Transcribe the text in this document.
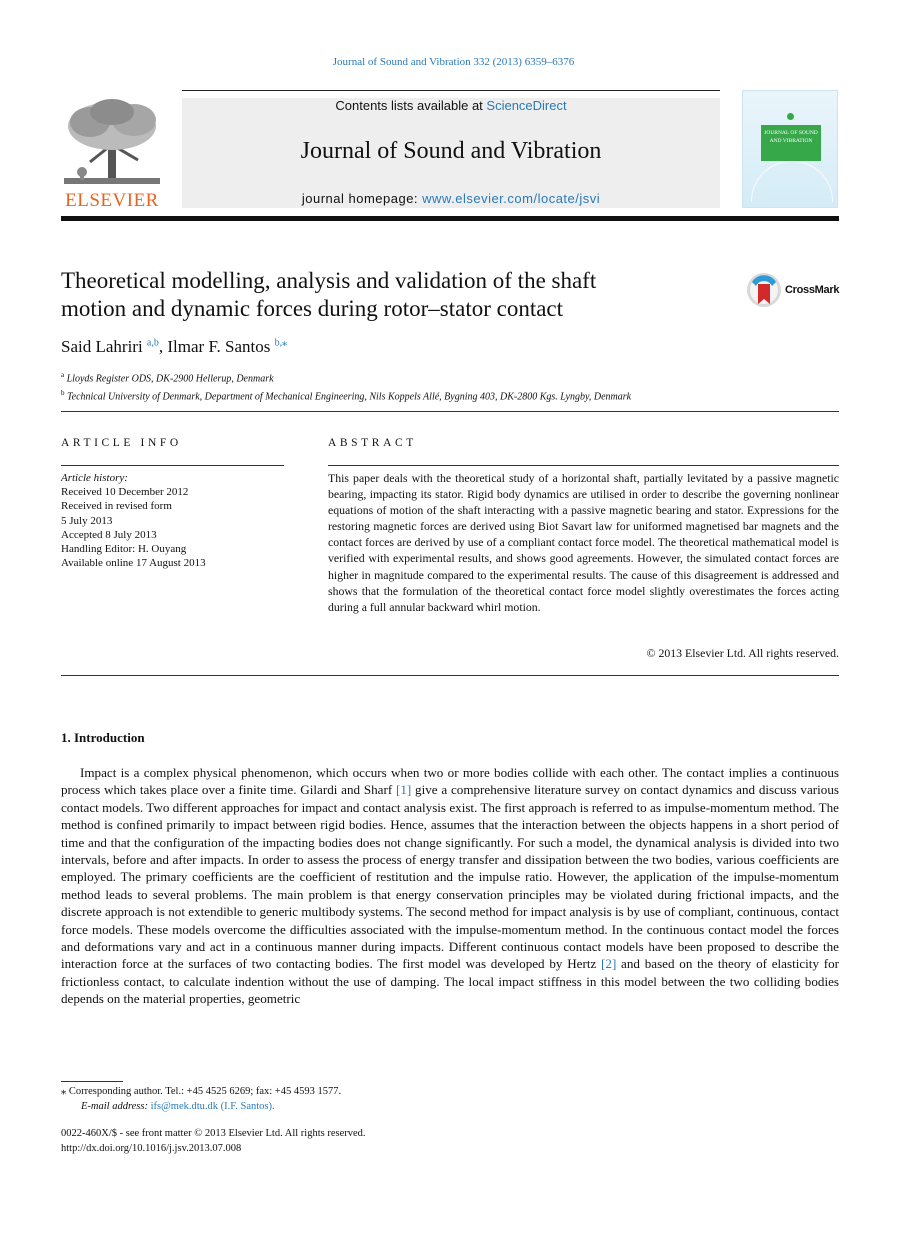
Journal of Sound and Vibration 332 (2013) 6359–6376
ELSEVIER
Contents lists available at ScienceDirect
Journal of Sound and Vibration
journal homepage: www.elsevier.com/locate/jsvi
JOURNAL OF SOUND AND VIBRATION
Theoretical modelling, analysis and validation of the shaft
motion and dynamic forces during rotor–stator contact
CrossMark
Said Lahriri $^{a,b}$, Ilmar F. Santos $^{b,⁎}$
$^a$ Lloyds Register ODS, DK-2900 Hellerup, Denmark
$^b$ Technical University of Denmark, Department of Mechanical Engineering, Nils Koppels Allé, Bygning 403, DK-2800 Kgs. Lyngby, Denmark
ARTICLE INFO
Article history:
Received 10 December 2012
Received in revised form
5 July 2013
Accepted 8 July 2013
Handling Editor: H. Ouyang
Available online 17 August 2013
ABSTRACT
This paper deals with the theoretical study of a horizontal shaft, partially levitated by a passive magnetic bearing, impacting its stator. Rigid body dynamics are utilised in order to describe the governing nonlinear equations of motion of the shaft interacting with a passive magnetic bearing and stator. Expressions for the restoring magnetic forces are derived using Biot Savart law for uniformed magnetised bar magnets and the contact forces are derived by use of a compliant contact force model. The theoretical mathematical model is verified with experimental results, and shows good agreements. However, the simulated contact forces are higher in magnitude compared to the experimental results. The cause of this disagreement is addressed and shows that the formulation of the theoretical contact force model slightly overestimates the forces acting during a full annular backward whirl motion.
© 2013 Elsevier Ltd. All rights reserved.
1. Introduction
Impact is a complex physical phenomenon, which occurs when two or more bodies collide with each other. The contact implies a continuous process which takes place over a finite time. Gilardi and Sharf [1] give a comprehensive literature survey on contact dynamics and discuss various contact models. Two different approaches for impact and contact analysis exist. The first approach is referred to as impulse-momentum method. The method is confined primarily to impact between rigid bodies. Hence, assumes that the interaction between the objects happens in a short period of time and that the configuration of the impacting bodies does not change significantly. For such a model, the dynamical analysis is divided into two intervals, before and after impacts. In order to assess the process of energy transfer and dissipation between the two bodies, various coefficients are employed. The primary coefficients are the coefficient of restitution and the impulse ratio. However, the application of the impulse-momentum method leads to several problems. The main problem is that energy conservation principles may be violated during frictional impacts, and the discrete approach is not extendible to generic multibody systems. The second method for impact analysis is by use of compliant, continuous, contact force models. These models overcome the difficulties associated with the impulse-momentum method. In the continuous contact model the forces and deformations vary and act in a continuous manner during impacts. Different continuous contact models have been proposed to describe the interaction force at the surfaces of two contacting bodies. The first model was developed by Hertz [2] and based on the theory of elasticity for frictionless contact, to calculate indention without the use of damping. The local impact stiffness in this model between the two colliding bodies depends on the material properties, geometric
⁎ Corresponding author. Tel.: +45 4525 6269; fax: +45 4593 1577.
E-mail address: ifs@mek.dtu.dk (I.F. Santos).
0022-460X/$ - see front matter © 2013 Elsevier Ltd. All rights reserved.
http://dx.doi.org/10.1016/j.jsv.2013.07.008
